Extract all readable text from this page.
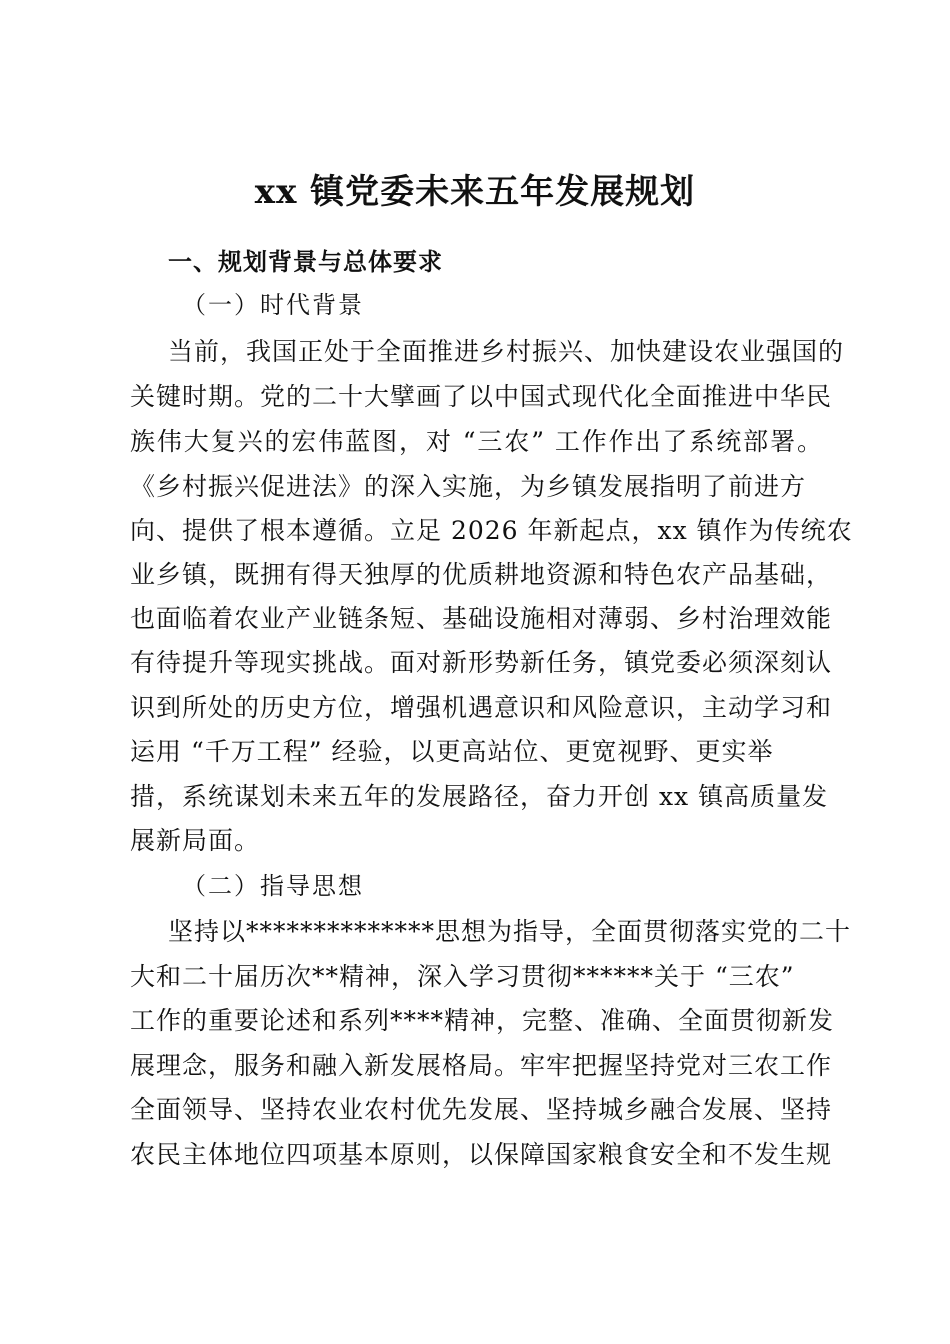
xx 镇党委未来五年发展规划
一、规划背景与总体要求
（一）时代背景
当前，我国正处于全面推进乡村振兴、加快建设农业强国的
关键时期。党的二十大擘画了以中国式现代化全面推进中华民
族伟大复兴的宏伟蓝图，对 “三农” 工作作出了系统部署。
《乡村振兴促进法》的深入实施，为乡镇发展指明了前进方
向、提供了根本遵循。立足 2026 年新起点，xx 镇作为传统农
业乡镇，既拥有得天独厚的优质耕地资源和特色农产品基础，
也面临着农业产业链条短、基础设施相对薄弱、乡村治理效能
有待提升等现实挑战。面对新形势新任务，镇党委必须深刻认
识到所处的历史方位，增强机遇意识和风险意识，主动学习和
运用 “千万工程” 经验，以更高站位、更宽视野、更实举
措，系统谋划未来五年的发展路径，奋力开创 xx 镇高质量发
展新局面。
（二）指导思想
坚持以**************思想为指导，全面贯彻落实党的二十
大和二十届历次**精神，深入学习贯彻******关于 “三农”
工作的重要论述和系列****精神，完整、准确、全面贯彻新发
展理念，服务和融入新发展格局。牢牢把握坚持党对三农工作
全面领导、坚持农业农村优先发展、坚持城乡融合发展、坚持
农民主体地位四项基本原则，以保障国家粮食安全和不发生规
